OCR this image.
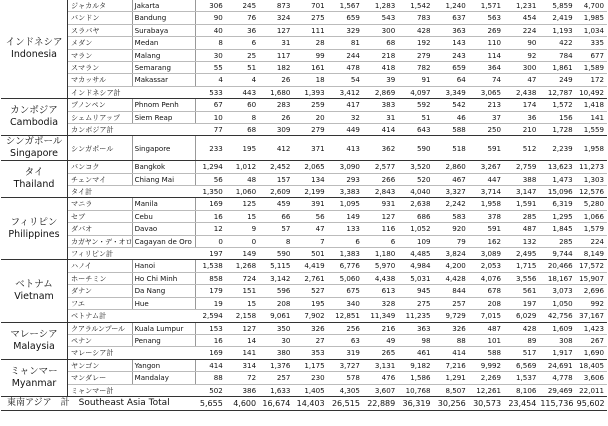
インドネシア
Indonesia	ジャカルタ	Jakarta	306	245	873	701	1,567	1,283	1,542	1,240	1,571	1,231	5,859	4,700
	バンドン	Bandung	90	76	324	275	659	543	783	637	563	454	2,419	1,985
	スラバヤ	Surabaya	40	36	127	111	329	300	428	363	269	224	1,193	1,034
	メダン	Medan	8	6	31	28	81	68	192	143	110	90	422	335
	マラン	Malang	30	25	117	99	244	218	279	243	114	92	784	677
	スマラン	Semarang	55	51	182	161	478	418	782	659	364	300	1,861	1,589
	マカッサル	Makassar	4	4	26	18	54	39	91	64	74	47	249	172
	インドネシア計		533	443	1,680	1,393	3,412	2,869	4,097	3,349	3,065	2,438	12,787	10,492

カンボジア
Cambodia	プノンペン	Phnom Penh	67	60	283	259	417	383	592	542	213	174	1,572	1,418
	シェムリアップ	Siem Reap	10	8	26	20	32	31	51	46	37	36	156	141
	カンボジア計		77	68	309	279	449	414	643	588	250	210	1,728	1,559

シンガポール
Singapore	シンガポール	Singapore	233	195	412	371	413	362	590	518	591	512	2,239	1,958

タイ
Thailand	バンコク	Bangkok	1,294	1,012	2,452	2,065	3,090	2,577	3,520	2,860	3,267	2,759	13,623	11,273
	チェンマイ	Chiang Mai	56	48	157	134	293	266	520	467	447	388	1,473	1,303
	タイ計		1,350	1,060	2,609	2,199	3,383	2,843	4,040	3,327	3,714	3,147	15,096	12,576

フィリピン
Philippines	マニラ	Manila	169	125	459	391	1,095	931	2,638	2,242	1,958	1,591	6,319	5,280
	セブ	Cebu	16	15	66	56	149	127	686	583	378	285	1,295	1,066
	ダバオ	Davao	12	9	57	47	133	116	1,052	920	591	487	1,845	1,579
	カガヤン・デ・オロ	Cagayan de Oro	0	0	8	7	6	6	109	79	162	132	285	224
	フィリピン計		197	149	590	501	1,383	1,180	4,485	3,824	3,089	2,495	9,744	8,149

ベトナム
Vietnam	ハノイ	Hanoi	1,538	1,268	5,115	4,419	6,776	5,970	4,984	4,200	2,053	1,715	20,466	17,572
	ホーチミン	Ho Chi Minh	858	724	3,142	2,761	5,060	4,438	5,031	4,428	4,076	3,556	18,167	15,907
	ダナン	Da Nang	179	151	596	527	675	613	945	844	678	561	3,073	2,696
	フエ	Hue	19	15	208	195	340	328	275	257	208	197	1,050	992
	ベトナム計		2,594	2,158	9,061	7,902	12,851	11,349	11,235	9,729	7,015	6,029	42,756	37,167

マレーシア
Malaysia	クアラルンプール	Kuala Lumpur	153	127	350	326	256	216	363	326	487	428	1,609	1,423
	ペナン	Penang	16	14	30	27	63	49	98	88	101	89	308	267
	マレーシア計		169	141	380	353	319	265	461	414	588	517	1,917	1,690

ミャンマー
Myanmar	ヤンゴン	Yangon	414	314	1,376	1,175	3,727	3,131	9,182	7,216	9,992	6,569	24,691	18,405
	マンダレー	Mandalay	88	72	257	230	578	476	1,586	1,291	2,269	1,537	4,778	3,606
	ミャンマー計		502	386	1,633	1,405	4,305	3,607	10,768	8,507	12,261	8,106	29,469	22,011
東南アジア　計　Southeast Asia Total			5,655	4,600	16,674	14,403	26,515	22,889	36,319	30,256	30,573	23,454	115,736	95,602
